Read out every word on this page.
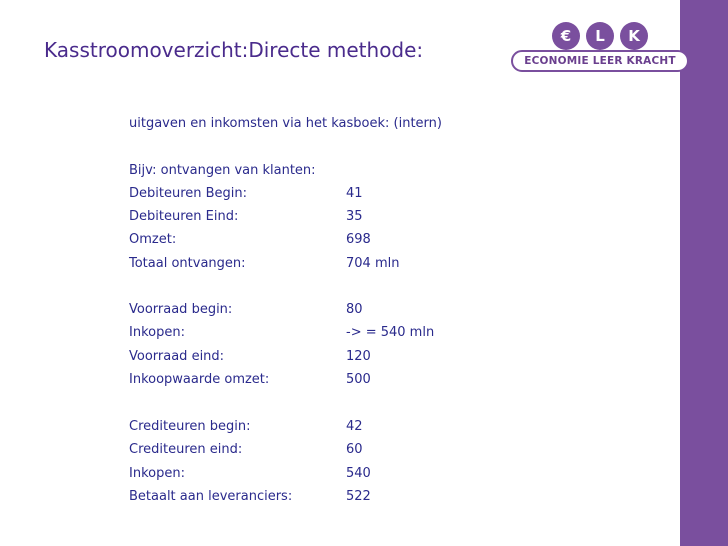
Kasstroomoverzicht:Directe methode:
€	L	K
ECONOMIE LEER KRACHT
uitgaven en inkomsten via het kasboek: (intern)
Bijv: ontvangen van klanten:
Debiteuren Begin:	41
Debiteuren Eind:	35
Omzet:	698
Totaal ontvangen:	704 mln
Voorraad begin:	80
Inkopen:	-> = 540 mln
Voorraad eind:	120
Inkoopwaarde omzet:	500
Crediteuren begin:	42
Crediteuren eind:	60
Inkopen:	540
Betaalt aan leveranciers:	522
